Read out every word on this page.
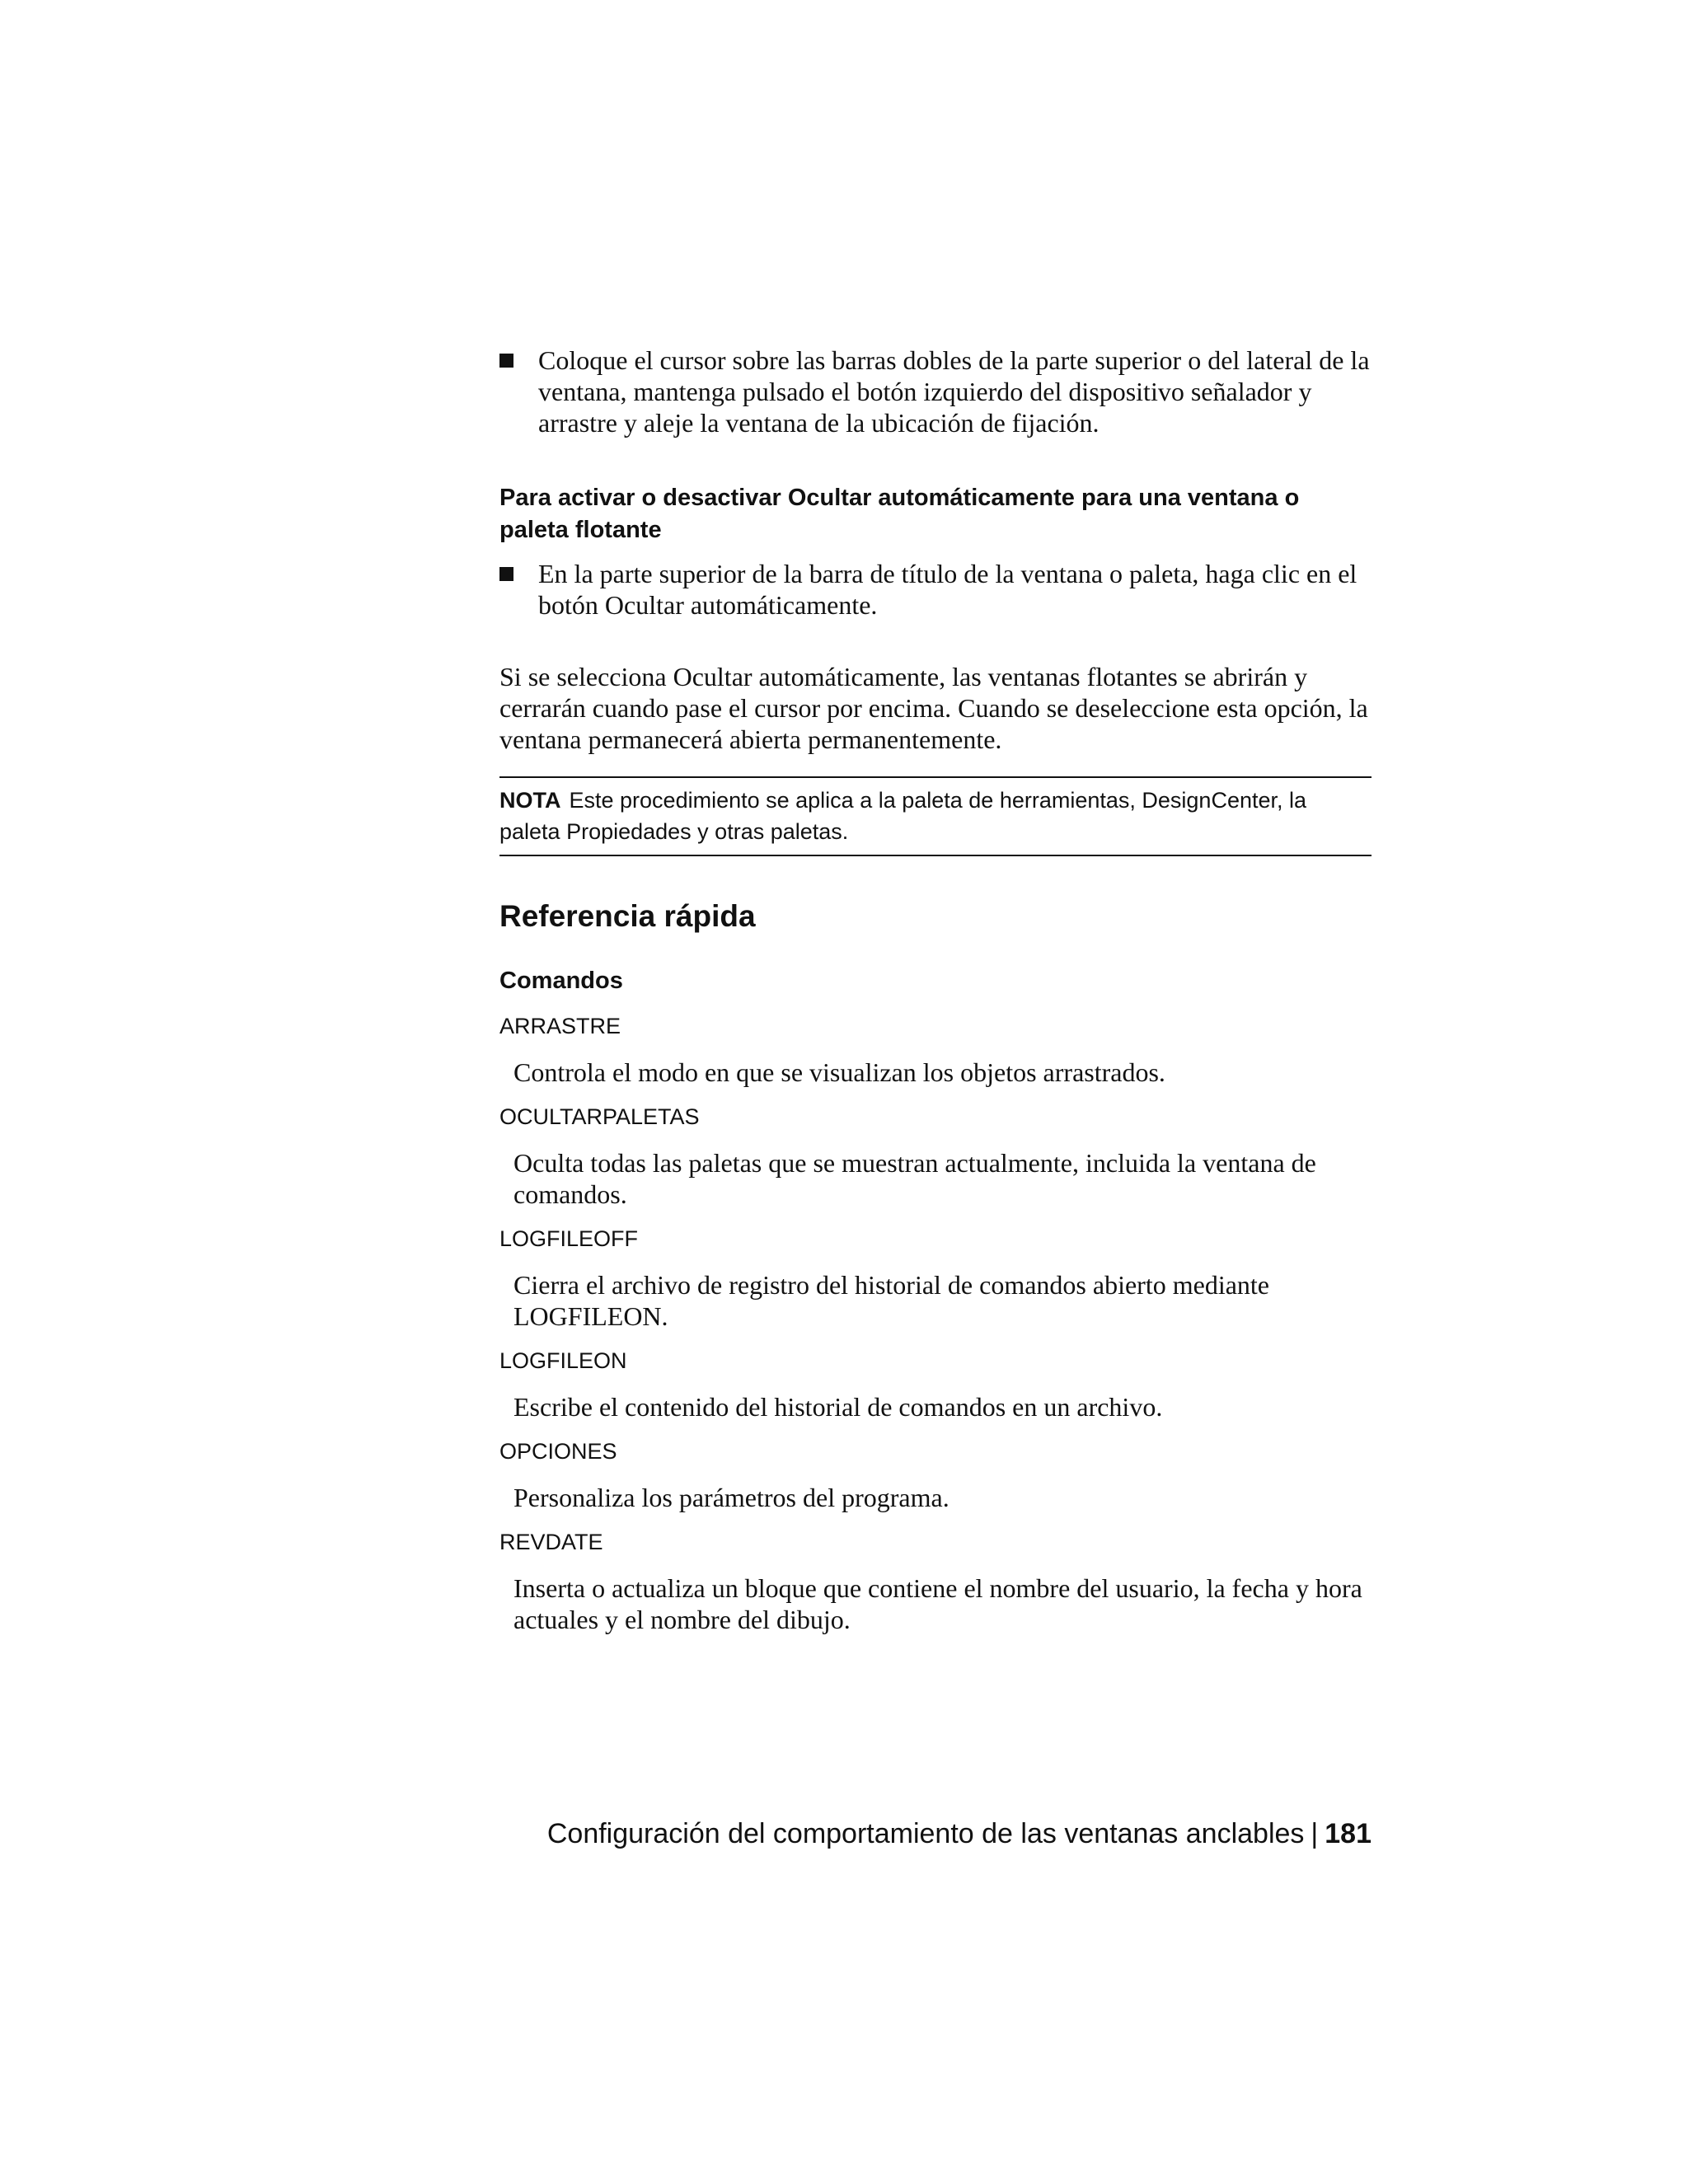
Coloque el cursor sobre las barras dobles de la parte superior o del lateral de la ventana, mantenga pulsado el botón izquierdo del dispositivo señalador y arrastre y aleje la ventana de la ubicación de fijación.
Para activar o desactivar Ocultar automáticamente para una ventana o paleta flotante
En la parte superior de la barra de título de la ventana o paleta, haga clic en el botón Ocultar automáticamente.
Si se selecciona Ocultar automáticamente, las ventanas flotantes se abrirán y cerrarán cuando pase el cursor por encima. Cuando se deseleccione esta opción, la ventana permanecerá abierta permanentemente.
NOTA Este procedimiento se aplica a la paleta de herramientas, DesignCenter, la paleta Propiedades y otras paletas.
Referencia rápida
Comandos
ARRASTRE
Controla el modo en que se visualizan los objetos arrastrados.
OCULTARPALETAS
Oculta todas las paletas que se muestran actualmente, incluida la ventana de comandos.
LOGFILEOFF
Cierra el archivo de registro del historial de comandos abierto mediante LOGFILEON.
LOGFILEON
Escribe el contenido del historial de comandos en un archivo.
OPCIONES
Personaliza los parámetros del programa.
REVDATE
Inserta o actualiza un bloque que contiene el nombre del usuario, la fecha y hora actuales y el nombre del dibujo.
Configuración del comportamiento de las ventanas anclables | 181
